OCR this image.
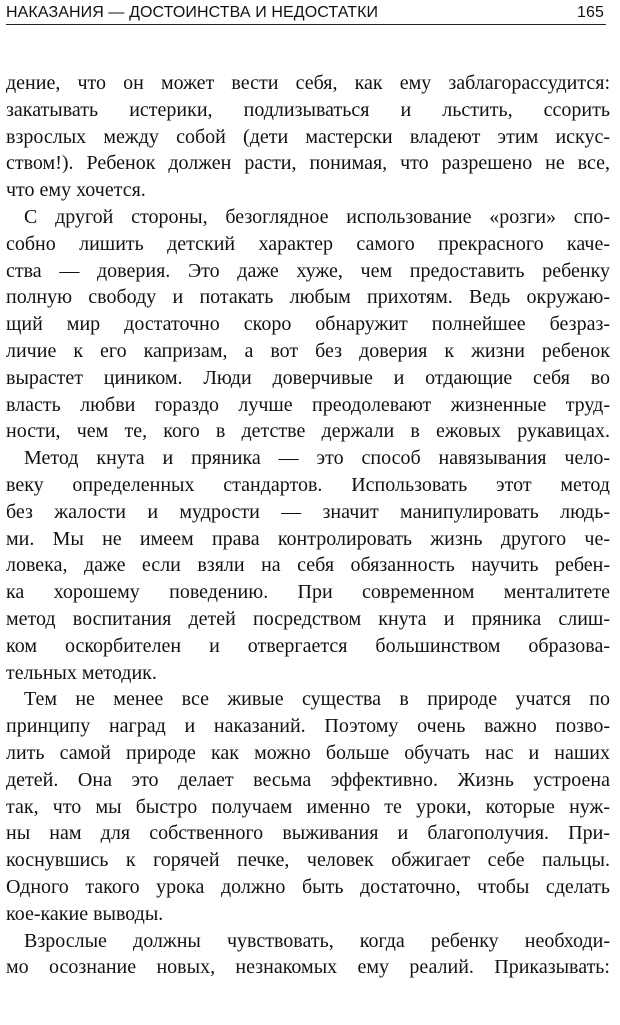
НАКАЗАНИЯ — ДОСТОИНСТВА И НЕДОСТАТКИ	165
дение, что он может вести себя, как ему заблагорассудится:
закатывать истерики, подлизываться и льстить, ссорить
взрослых между собой (дети мастерски владеют этим искус-
ством!). Ребенок должен расти, понимая, что разрешено не все,
что ему хочется.
С другой стороны, безоглядное использование «розги» спо-
собно лишить детский характер самого прекрасного каче-
ства — доверия. Это даже хуже, чем предоставить ребенку
полную свободу и потакать любым прихотям. Ведь окружаю-
щий мир достаточно скоро обнаружит полнейшее безраз-
личие к его капризам, а вот без доверия к жизни ребенок
вырастет циником. Люди доверчивые и отдающие себя во
власть любви гораздо лучше преодолевают жизненные труд-
ности, чем те, кого в детстве держали в ежовых рукавицах.
Метод кнута и пряника — это способ навязывания чело-
веку определенных стандартов. Использовать этот метод
без жалости и мудрости — значит манипулировать людь-
ми. Мы не имеем права контролировать жизнь другого че-
ловека, даже если взяли на себя обязанность научить ребен-
ка хорошему поведению. При современном менталитете
метод воспитания детей посредством кнута и пряника слиш-
ком оскорбителен и отвергается большинством образова-
тельных методик.
Тем не менее все живые существа в природе учатся по
принципу наград и наказаний. Поэтому очень важно позво-
лить самой природе как можно больше обучать нас и наших
детей. Она это делает весьма эффективно. Жизнь устроена
так, что мы быстро получаем именно те уроки, которые нуж-
ны нам для собственного выживания и благополучия. При-
коснувшись к горячей печке, человек обжигает себе пальцы.
Одного такого урока должно быть достаточно, чтобы сделать
кое-какие выводы.
Взрослые должны чувствовать, когда ребенку необходи-
мо осознание новых, незнакомых ему реалий. Приказывать:
